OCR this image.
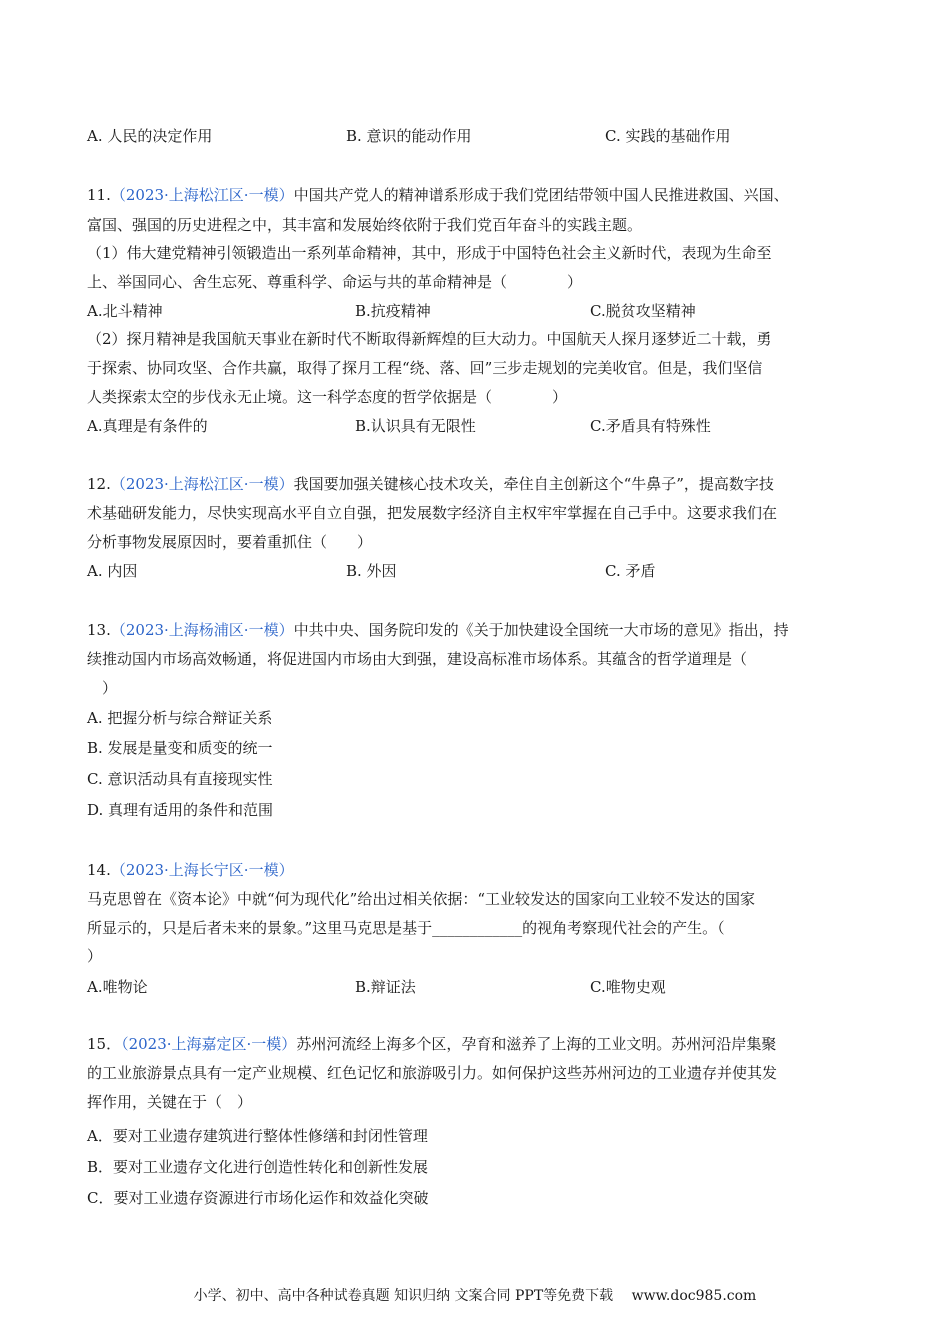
A. 人民的决定作用	B. 意识的能动作用	C. 实践的基础作用
11.（2023·上海松江区·一模）中国共产党人的精神谱系形成于我们党团结带领中国人民推进救国、兴国、
富国、强国的历史进程之中，其丰富和发展始终依附于我们党百年奋斗的实践主题。
（1）伟大建党精神引领锻造出一系列革命精神，其中，形成于中国特色社会主义新时代，表现为生命至
上、举国同心、舍生忘死、尊重科学、命运与共的革命精神是（　　　　）
A.北斗精神	B.抗疫精神	C.脱贫攻坚精神
（2）探月精神是我国航天事业在新时代不断取得新辉煌的巨大动力。中国航天人探月逐梦近二十载，勇
于探索、协同攻坚、合作共赢，取得了探月工程“绕、落、回”三步走规划的完美收官。但是，我们坚信
人类探索太空的步伐永无止境。这一科学态度的哲学依据是（　　　　）
A.真理是有条件的	B.认识具有无限性	C.矛盾具有特殊性
12.（2023·上海松江区·一模）我国要加强关键核心技术攻关，牵住自主创新这个“牛鼻子”，提高数字技
术基础研发能力，尽快实现高水平自立自强，把发展数字经济自主权牢牢掌握在自己手中。这要求我们在
分析事物发展原因时，要着重抓住（　　）
A. 内因	B. 外因	C. 矛盾
13.（2023·上海杨浦区·一模）中共中央、国务院印发的《关于加快建设全国统一大市场的意见》指出，持
续推动国内市场高效畅通，将促进国内市场由大到强，建设高标准市场体系。其蕴含的哲学道理是（
　）
A. 把握分析与综合辩证关系
B. 发展是量变和质变的统一
C. 意识活动具有直接现实性
D. 真理有适用的条件和范围
14.（2023·上海长宁区·一模）
马克思曾在《资本论》中就“何为现代化”给出过相关依据：“工业较发达的国家向工业较不发达的国家
所显示的，只是后者未来的景象。”这里马克思是基于____________的视角考察现代社会的产生。（
）
A.唯物论	B.辩证法	C.唯物史观
15．（2023·上海嘉定区·一模）苏州河流经上海多个区，孕育和滋养了上海的工业文明。苏州河沿岸集聚
的工业旅游景点具有一定产业规模、红色记忆和旅游吸引力。如何保护这些苏州河边的工业遗存并使其发
挥作用，关键在于（　）
A．要对工业遗存建筑进行整体性修缮和封闭性管理
B．要对工业遗存文化进行创造性转化和创新性发展
C．要对工业遗存资源进行市场化运作和效益化突破
小学、初中、高中各种试卷真题 知识归纳 文案合同 PPT等免费下载　 www.doc985.com
